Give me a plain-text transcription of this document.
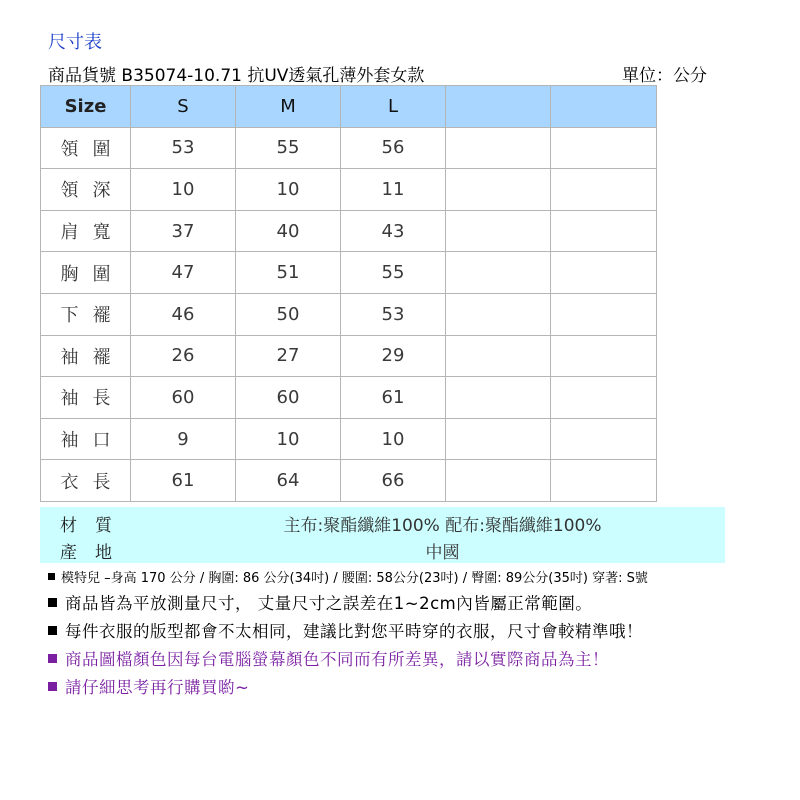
尺寸表
商品貨號 B35074-10.71 抗UV透氣孔薄外套女款	單位：公分
Size	S	M	L		
領圍	53	55	56		
領深	10	10	11		
肩寬	37	40	43		
胸圍	47	51	55		
下襬	46	50	53		
袖襬	26	27	29		
袖長	60	60	61		
袖口	9	10	10		
衣長	61	64	66		
材質	主布:聚酯纖維100% 配布:聚酯纖維100%
產地	中國
模特兒 –身高 170 公分 / 胸圍: 86 公分(34吋) / 腰圍: 58公分(23吋) / 臀圍: 89公分(35吋) 穿著: S號
商品皆為平放測量尺寸， 丈量尺寸之誤差在1~2cm內皆屬正常範圍。
每件衣服的版型都會不太相同，建議比對您平時穿的衣服，尺寸會較精準哦！
商品圖檔顏色因每台電腦螢幕顏色不同而有所差異，請以實際商品為主！
請仔細思考再行購買喲~
